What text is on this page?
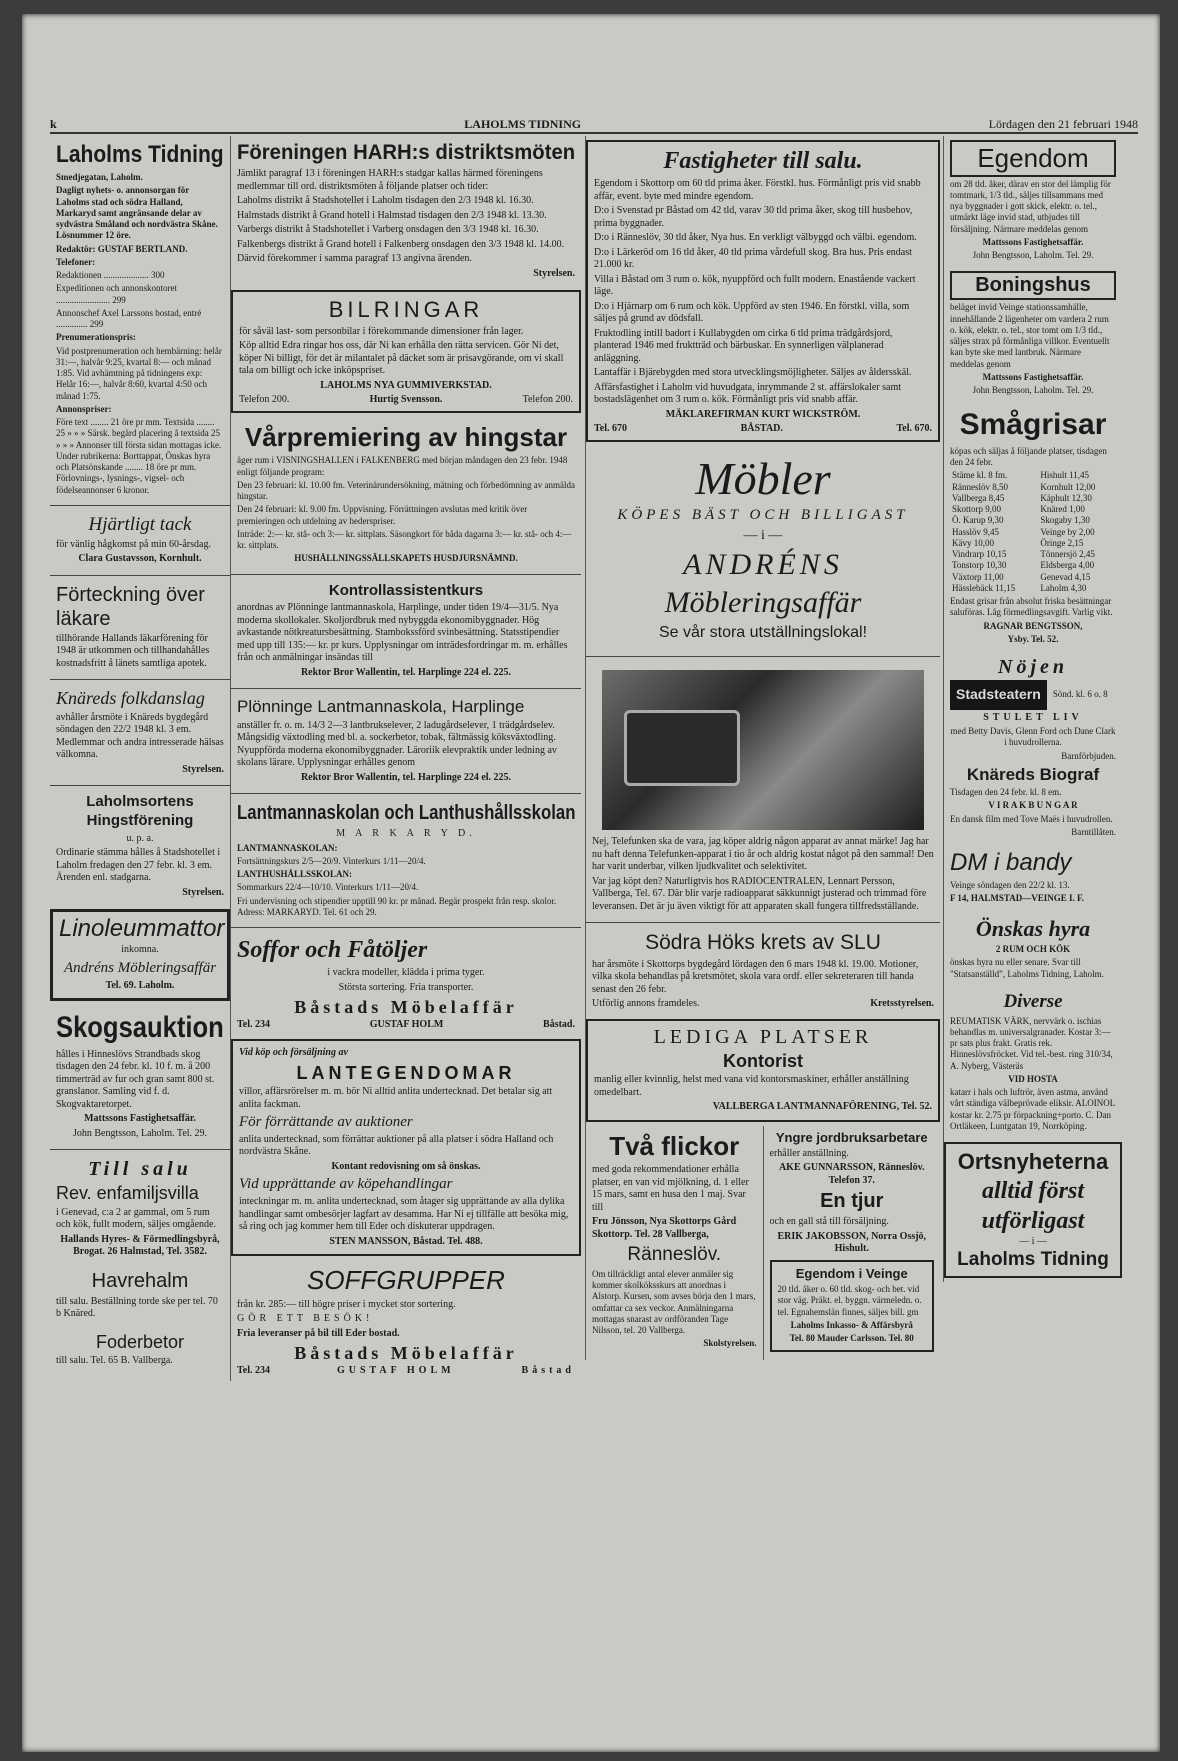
k	LAHOLMS TIDNING	Lördagen den 21 februari 1948
Laholms Tidning

Smedjegatan, Laholm.

Dagligt nyhets- o. annonsorgan för Laholms stad och södra Halland, Markaryd samt angränsande delar av sydvästra Småland och nordvästra Skåne. Lösnummer 12 öre.

Redaktör: GUSTAF BERTLAND.

Telefoner:

Redaktionen .................... 300

Expeditionen och annonskontoret ........................ 299

Annonschef Axel Larssons bostad, entré .............. 299

Prenumerationspris:

Vid postprenumeration och hembärning: helår 31:—, halvår 9:25, kvartal 8:— och månad 1:85. Vid avhämtning på tidningens exp: Helår 16:—, halvår 8:60, kvartal 4:50 och månad 1:75.

Annonspriser:

Före text ........ 21 öre pr mm. Textsida ........ 25 » » » Särsk. begärd placering å textsida 25 » » » Annonser till första sidan mottagas icke. Under rubrikerna: Borttappat, Önskas hyra och Platsönskande ........ 18 öre pr mm. Förlovnings-, lysnings-, vigsel- och födelseannonser 6 kronor.

Hjärtligt tack

för vänlig hågkomst på min 60-årsdag.

Clara Gustavsson, Kornhult.

Förteckning över läkare

tillhörande Hallands läkarförening för 1948 är utkommen och tillhandahålles kostnadsfritt å länets samtliga apotek.

Knäreds folkdanslag

avhåller årsmöte i Knäreds bygdegård söndagen den 22/2 1948 kl. 3 em. Medlemmar och andra intresserade hälsas välkomna.

Styrelsen.

Laholmsortens Hingstförening

u. p. a.

Ordinarie stämma hålles å Stadshotellet i Laholm fredagen den 27 febr. kl. 3 em. Ärenden enl. stadgarna.

Styrelsen.

Linoleummattor

inkomna.

Andréns Möbleringsaffär

Tel. 69. Laholm.

Skogsauktion

hålles i Hinneslövs Strandbads skog tisdagen den 24 febr. kl. 10 f. m. å 200 timmerträd av fur och gran samt 800 st. granslanor. Samling vid f. d. Skogvaktaretorpet.

Mattssons Fastighetsaffär.

John Bengtsson, Laholm. Tel. 29.

Till salu
Rev. enfamiljsvilla

i Genevad, c:a 2 ar gammal, om 5 rum och kök, fullt modern, säljes omgående.

Hallands Hyres- & Förmedlingsbyrå, Brogat. 26 Halmstad, Tel. 3582.

Havrehalm

till salu. Beställning torde ske per tel. 70 b Knäred.

Foderbetor

till salu. Tel. 65 B. Vallberga.

Föreningen HARH:s distriktsmöten

Jämlikt paragraf 13 i föreningen HARH:s stadgar kallas härmed föreningens medlemmar till ord. distriktsmöten å följande platser och tider:

Laholms distrikt å Stadshotellet i Laholm tisdagen den 2/3 1948 kl. 16.30.

Halmstads distrikt å Grand hotell i Halmstad tisdagen den 2/3 1948 kl. 13.30.

Varbergs distrikt å Stadshotellet i Varberg onsdagen den 3/3 1948 kl. 16.30.

Falkenbergs distrikt å Grand hotell i Falkenberg onsdagen den 3/3 1948 kl. 14.00.

Därvid förekommer i samma paragraf 13 angivna ärenden.

Styrelsen.

BILRINGAR

för såväl last- som personbilar i förekommande dimensioner från lager.

Köp alltid Edra ringar hos oss, där Ni kan erhålla den rätta servicen. Gör Ni det, köper Ni billigt, för det är milantalet på däcket som är prisavgörande, om vi skall tala om billigt och icke inköpspriset.

LAHOLMS NYA GUMMIVERKSTAD.

Telefon 200.	Hurtig Svensson.	Telefon 200.
Vårpremiering av hingstar

äger rum i VISNINGSHALLEN i FALKENBERG med början måndagen den 23 febr. 1948 enligt följande program:

Den 23 februari: kl. 10.00 fm. Veterinärundersökning, mätning och förbedömning av anmälda hingstar.

Den 24 februari: kl. 9.00 fm. Uppvisning. Förrättningen avslutas med kritik över premieringen och utdelning av hederspriser.

Inträde: 2:— kr. stå- och 3:— kr. sittplats. Säsongkort för båda dagarna 3:— kr. stå- och 4:— kr. sittplats.

HUSHÅLLNINGSSÄLLSKAPETS HUSDJURSNÄMND.

Kontrollassistentkurs

anordnas av Plönninge lantmannaskola, Harplinge, under tiden 19/4—31/5. Nya moderna skollokaler. Skoljordbruk med nybyggda ekonomibyggnader. Hög avkastande nötkreatursbesättning. Stambokssförd svinbesättning. Statsstipendier med upp till 135:— kr. pr kurs. Upplysningar om inträdesfordringar m. m. erhålles från och anmälningar insändas till

Rektor Bror Wallentin, tel. Harplinge 224 el. 225.

Plönninge Lantmannaskola, Harplinge

anställer fr. o. m. 14/3 2—3 lantbrukselever, 2 ladugårdselever, 1 trädgårdselev. Mångsidig växtodling med bl. a. sockerbetor, tobak, fältmässig köksväxtodling. Nyuppförda moderna ekonomibyggnader. Läroriik elevpraktik under ledning av skolans lärare. Upplysningar erhålles genom

Rektor Bror Wallentin, tel. Harplinge 224 el. 225.

Lantmannaskolan och Lanthushållsskolan

M A R K A R Y D.

LANTMANNASKOLAN:

Fortsättningskurs 2/5—20/9. Vinterkurs 1/11—20/4.

LANTHUSHÅLLSSKOLAN:

Sommarkurs 22/4—10/10. Vinterkurs 1/11—20/4.

Fri undervisning och stipendier upptill 90 kr. pr månad. Begär prospekt från resp. skolor. Adress: MARKARYD. Tel. 61 och 29.

Soffor och Fåtöljer

i vackra modeller, klädda i prima tyger.

Största sortering. Fria transporter.

Båstads Möbelaffär
Tel. 234	GUSTAF HOLM	Båstad.

Vid köp och försäljning av

LANTEGENDOMAR

villor, affärsrörelser m. m. bör Ni alltid anlita undertecknad. Det betalar sig att anlita fackman.

För förrättande av auktioner

anlita undertecknad, som förrättar auktioner på alla platser i södra Halland och nordvästra Skåne.

Kontant redovisning om så önskas.

Vid upprättande av köpehandlingar

inteckningar m. m. anlita undertecknad, som åtager sig upprättande av alla dylika handlingar samt ombesörjer lagfart av desamma. Har Ni ej tillfälle att besöka mig, så ring och jag kommer hem till Eder och diskuterar uppdragen.

STEN MANSSON, Båstad. Tel. 488.

SOFFGRUPPER

från kr. 285:— till högre priser i mycket stor sortering.

GÖR ETT BESÖK!

Fria leveranser på bil till Eder bostad.

Båstads Möbelaffär
Tel. 234	GUSTAF HOLM	Båstad
Fastigheter till salu.

Egendom i Skottorp om 60 tld prima åker. Förstkl. hus. Förmånligt pris vid snabb affär, event. byte med mindre egendom.

D:o i Svenstad pr Båstad om 42 tld, varav 30 tld prima åker, skog till husbehov, prima byggnader.

D:o i Ränneslöv, 30 tld åker, Nya hus. En verkligt välbyggd och välbi. egendom.

D:o i Lärkeröd om 16 tld åker, 40 tld prima vårdefull skog. Bra hus. Pris endast 21.000 kr.

Villa i Båstad om 3 rum o. kök, nyuppförd och fullt modern. Enastående vackert läge.

D:o i Hjärnarp om 6 rum och kök. Uppförd av sten 1946. En förstkl. villa, som säljes på grund av dödsfall.

Fruktodling intill badort i Kullabygden om cirka 6 tld prima trädgårdsjord, planterad 1946 med fruktträd och bärbuskar. En synnerligen välplanerad anläggning.

Lantaffär i Bjärebygden med stora utvecklingsmöjligheter. Säljes av åldersskäl.

Affärsfastighet i Laholm vid huvudgata, inrymmande 2 st. affärslokaler samt bostadslägenhet om 3 rum o. kök. Förmånligt pris vid snabb affär.

MÄKLAREFIRMAN KURT WICKSTRÖM.

Tel. 670	BÅSTAD.	Tel. 670.
Möbler

KÖPES BÄST OCH BILLIGAST

— i —

ANDRÉNS
Möbleringsaffär

Se vår stora utställningslokal!

Nej, Telefunken ska de vara, jag köper aldrig någon apparat av annat märke! Jag har nu haft denna Telefunken-apparat i tio år och aldrig kostat något på den sammal! Den har varit underbar, vilken ljudkvalitet och selektivitet.

Var jag köpt den? Naturligtvis hos RADIOCENTRALEN, Lennart Persson, Vallberga, Tel. 67. Där blir varje radioapparat säkkunnigt justerad och trimmad före leveransen. Det är ju även viktigt för att apparaten skall fungera tillfredsställande.

Södra Höks krets av SLU

har årsmöte i Skottorps bygdegård lördagen den 6 mars 1948 kl. 19.00. Motioner, vilka skola behandlas på kretsmötet, skola vara ordf. eller sekreteraren till handa senast den 26 febr.

Utförlig annons framdeles.	Kretsstyrelsen.
LEDIGA PLATSER
Kontorist

manlig eller kvinnlig, helst med vana vid kontorsmaskiner, erhåller anställning omedelbart.

VALLBERGA LANTMANNAFÖRENING, Tel. 52.

Två flickor

med goda rekommendationer erhålla platser, en van vid mjölkning, d. 1 eller 15 mars, samt en husa den 1 maj. Svar till

Fru Jönsson, Nya Skottorps Gård Skottorp. Tel. 28 Vallberga,

Ränneslöv.

Om tillräckligt antal elever anmäler sig kommer skolköksskurs att anordnas i Alstorp. Kursen, som avses börja den 1 mars, omfattar ca sex veckor. Anmälningarna mottagas snarast av ordföranden Tage Nilsson, tel. 20 Vallberga.

Skolstyrelsen.

Yngre jordbruksarbetare

erhåller anställning.

AKE GUNNARSSON, Ränneslöv. Telefon 37.

En tjur

och en gall stå till försäljning.

ERIK JAKOBSSON, Norra Ossjö, Hishult.

Egendom i Veinge

20 tld. åker o. 60 tld. skog- och bet. vid stor väg. Präkt. el. byggn. värmeledn. o. tel. Egnahemslän finnes, säljes bill. gm

Laholms Inkasso- & Affärsbyrå

Tel. 80 Mauder Carlsson. Tel. 80

Egendom

om 28 tld. åker, därav en stor del lämplig för tomtmark, 1/3 tld., säljes tillsammans med nya byggnader i gott skick, elektr. o. tel., utmärkt läge invid stad, utbjudes till försäljning. Närmare meddelas genom

Mattssons Fastighetsaffär.

John Bengtsson, Laholm. Tel. 29.

Boningshus

beläget invid Veinge stationssamhälle, innehållande 2 lägenheter om vardera 2 rum o. kök, elektr. o. tel., stor tomt om 1/3 tld., säljes strax på förmånliga villkor. Eventuellt kan byte ske med lantbruk. Närmare meddelas genom

Mattssons Fastighetsaffär.

John Bengtsson, Laholm. Tel. 29.

Smågrisar

köpas och säljas å följande platser, tisdagen den 24 febr.

Stäme kl. 8 fm.	Hishult 11,45
Ränneslöv 8,50	Kornhult 12,00
Vallberga 8,45	Käphult 12,30
Skottorp 9,00	Knäred 1,00
Ö. Karup 9,30	Skogaby 1,30
Hasslöv 9,45	Veinge by 2,00
Kävy 10,00	Öringe 2,15
Vindrarp 10,15	Tönnersjö 2,45
Tonstorp 10,30	Eldsberga 4,00
Växtorp 11,00	Genevad 4,15
Hässlebäck 11,15	Laholm 4,30

Endast grisar från absolut friska besättningar saluföras. Låg förmedlingsavgift. Varlig vikt.

RAGNAR BENGTSSON,

Ysby. Tel. 52.

Nöjen
Stadsteatern	Sönd. kl. 6 o. 8

STULET LIV

med Betty Davis, Glenn Ford och Dane Clark i huvudrollerna.

Barnförbjuden.

Knäreds Biograf

Tisdagen den 24 febr. kl. 8 em.

V I R A K B U N G A R

En dansk film med Tove Maës i huvudrollen.

Barntillåten.

DM i bandy

Veinge söndagen den 22/2 kl. 13.

F 14, HALMSTAD—VEINGE I. F.

Önskas hyra

2 RUM OCH KÖK

önskas hyra nu eller senare. Svar till "Statsanställd", Laholms Tidning, Laholm.

Diverse

REUMATISK VÄRK, nervvärk o. ischias behandlas m. universalgranader. Kostar 3:— pr sats plus frakt. Gratis rek. Hinneslövsfröcket. Vid tel.-best. ring 310/34, A. Nyberg, Västeräs

VID HOSTA

katarr i hals och luftrör, även astma, använd vårt ständiga välbeprövade eliksir. ALOINOL kostar kr. 2.75 pr förpackning+porto. C. Dan Ortläkeen, Luntgatan 19, Norrköping.

Ortsnyheterna
alltid först
utförligast
— i —
Laholms Tidning
